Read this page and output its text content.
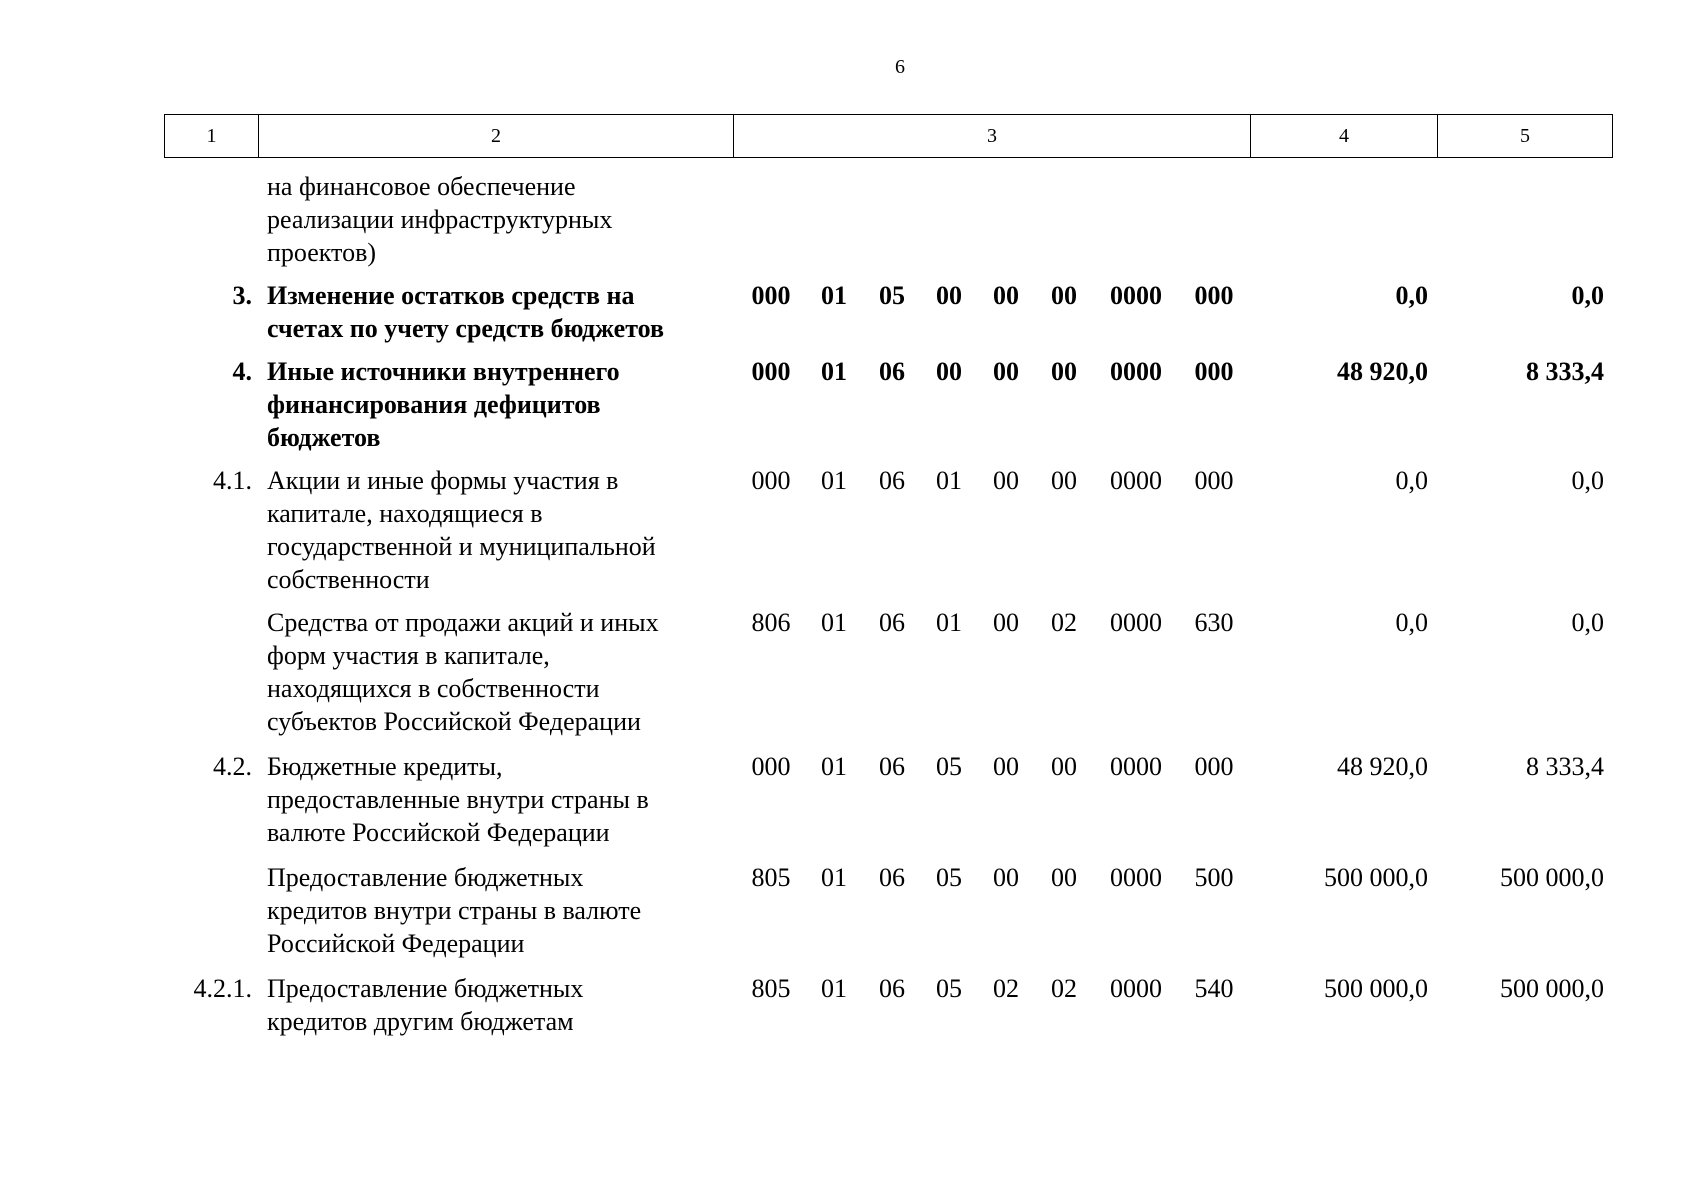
6
1	2	3	4	5
на финансовое обеспечение
реализации инфраструктурных
проектов)
3. Изменение остатков средств на
счетах по учету средств бюджетов
000	01	05	00	00	00	0000	000	0,0	0,0
4. Иные источники внутреннего
финансирования дефицитов
бюджетов
000	01	06	00	00	00	0000	000	48 920,0	8 333,4
4.1. Акции и иные формы участия в
капитале, находящиеся в
государственной и муниципальной
собственности
000	01	06	01	00	00	0000	000	0,0	0,0
Средства от продажи акций и иных
форм участия в капитале,
находящихся в собственности
субъектов Российской Федерации
806	01	06	01	00	02	0000	630	0,0	0,0
4.2. Бюджетные кредиты,
предоставленные внутри страны в
валюте Российской Федерации
000	01	06	05	00	00	0000	000	48 920,0	8 333,4
Предоставление бюджетных
кредитов внутри страны в валюте
Российской Федерации
805	01	06	05	00	00	0000	500	500 000,0	500 000,0
4.2.1. Предоставление бюджетных
кредитов другим бюджетам
805	01	06	05	02	02	0000	540	500 000,0	500 000,0
